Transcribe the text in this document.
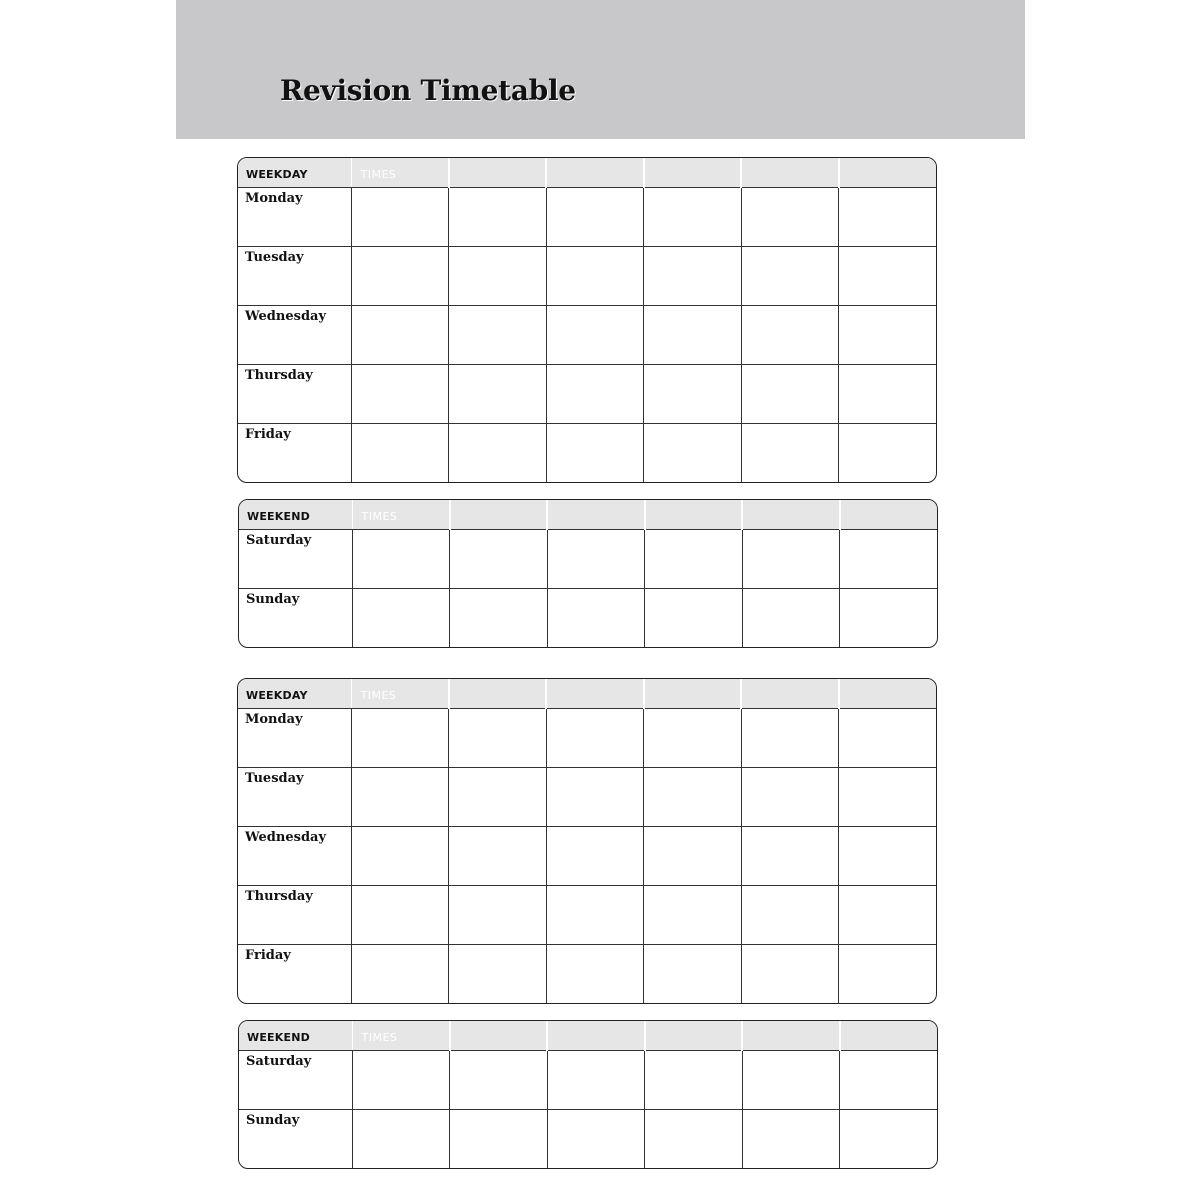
Revision Timetable
WEEKDAY	TIMES					

Monday						

Tuesday						

Wednesday						

Thursday						

Friday						

WEEKEND	TIMES					

Saturday						

Sunday						

WEEKDAY	TIMES					

Monday						

Tuesday						

Wednesday						

Thursday						

Friday						

WEEKEND	TIMES					

Saturday						

Sunday						
